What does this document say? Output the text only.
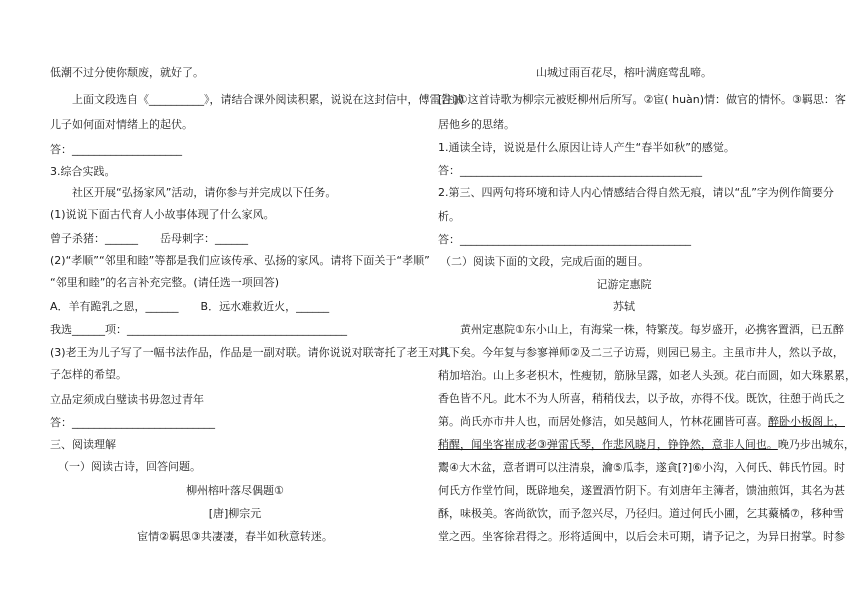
低潮不过分使你颓废，就好了。
上面文段选自《__________》，请结合课外阅读积累，说说在这封信中，傅雷告诫
儿子如何面对情绪上的起伏。
答：____________________
3.综合实践。
社区开展“弘扬家风”活动，请你参与并完成以下任务。
(1)说说下面古代育人小故事体现了什么家风。
曾子杀猪：______　　岳母刺字：______
(2)“孝顺”“邻里和睦”等都是我们应该传承、弘扬的家风。请将下面关于“孝顺”
“邻里和睦”的名言补充完整。(请任选一项回答)
A．羊有跪乳之恩，______　　B．远水难救近火，______
我选______项：________________________________________
(3)老王为儿子写了一幅书法作品，作品是一副对联。请你说说对联寄托了老王对儿
子怎样的希望。
立品定须成白璧读书毋忽过青年
答：__________________________
三、阅读理解
（一）阅读古诗，回答问题。
柳州榕叶落尽偶题①
[唐]柳宗元
宦情②羁思③共凄凄，春半如秋意转迷。
山城过雨百花尽，榕叶满庭莺乱啼。
[注]①这首诗歌为柳宗元被贬柳州后所写。②宦( huàn)情：做官的情怀。③羁思：客
居他乡的思绪。
1.通读全诗，说说是什么原因让诗人产生“春半如秋”的感觉。
答：____________________________________________
2.第三、四两句将环境和诗人内心情感结合得自然无痕，请以“乱”字为例作简要分
析。
答：__________________________________________
（二）阅读下面的文段，完成后面的题目。
记游定惠院
苏轼
黄州定惠院①东小山上，有海棠一株，特繁茂。每岁盛开，必携客置酒，已五醉
其下矣。今年复与参寥禅师②及二三子访焉，则园已易主。主虽市井人，然以予故，
稍加培治。山上多老枳木，性瘦韧，筋脉呈露，如老人头颈。花白而圆，如大珠累累，
香色皆不凡。此木不为人所喜，稍稍伐去，以予故，亦得不伐。既饮，往憩于尚氏之
第。尚氏亦市井人也，而居处修洁，如吴越间人，竹林花圃皆可喜。醉卧小板阁上，
稍醒，闻坐客崔成老③弹雷氏琴，作悲风晓月，铮铮然，意非人间也。晚乃步出城东，
鬻④大木盆，意者谓可以注清泉，瀹⑤瓜李，遂貪[?]⑥小沟，入何氏、韩氏竹园。时
何氏方作堂竹间，既辟地矣，遂置酒竹阴下。有刘唐年主簿者，馈油煎饵，其名为甚
酥，味极美。客尚欲饮，而予忽兴尽，乃径归。道过何氏小圃，乞其藂橘⑦，移种雪
堂之西。坐客徐君得之。形将适闽中，以后会未可期，请予记之，为异日拊掌。时参
